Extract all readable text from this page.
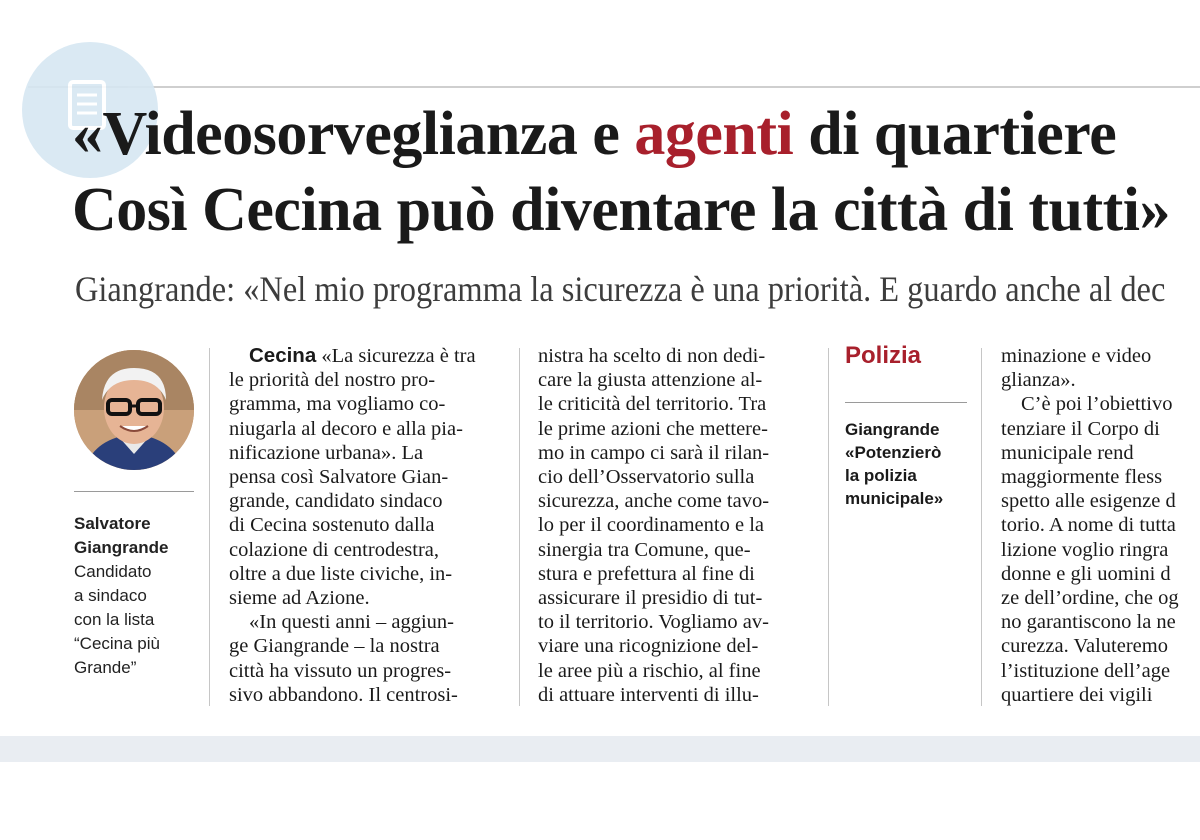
«Videosorveglianza e agenti di quartiere
Così Cecina può diventare la città di tutti»
Giangrande: «Nel mio programma la sicurezza è una priorità. E guardo anche al dec
Salvatore Giangrande
Candidato
a sindaco
con la lista
“Cecina più
Grande”
Cecina «La sicurezza è tra
le priorità del nostro pro-
gramma, ma vogliamo co-
niugarla al decoro e alla pia-
nificazione urbana». La
pensa così Salvatore Gian-
grande, candidato sindaco
di Cecina sostenuto dalla
colazione di centrodestra,
oltre a due liste civiche, in-
sieme ad Azione.
«In questi anni – aggiun-
ge Giangrande – la nostra
città ha vissuto un progres-
sivo abbandono. Il centrosi-
nistra ha scelto di non dedi-
care la giusta attenzione al-
le criticità del territorio. Tra
le prime azioni che mettere-
mo in campo ci sarà il rilan-
cio dell’Osservatorio sulla
sicurezza, anche come tavo-
lo per il coordinamento e la
sinergia tra Comune, que-
stura e prefettura al fine di
assicurare il presidio di tut-
to il territorio. Vogliamo av-
viare una ricognizione del-
le aree più a rischio, al fine
di attuare interventi di illu-
Polizia
Giangrande
«Potenzierò
la polizia
municipale»
minazione e video
glianza».
C’è poi l’obiettivo
tenziare il Corpo di
municipale rend
maggiormente fless
spetto alle esigenze d
torio. A nome di tutta
lizione voglio ringra
donne e gli uomini d
ze dell’ordine, che og
no garantiscono la ne
curezza. Valuteremo
l’istituzione dell’age
quartiere dei vigili
